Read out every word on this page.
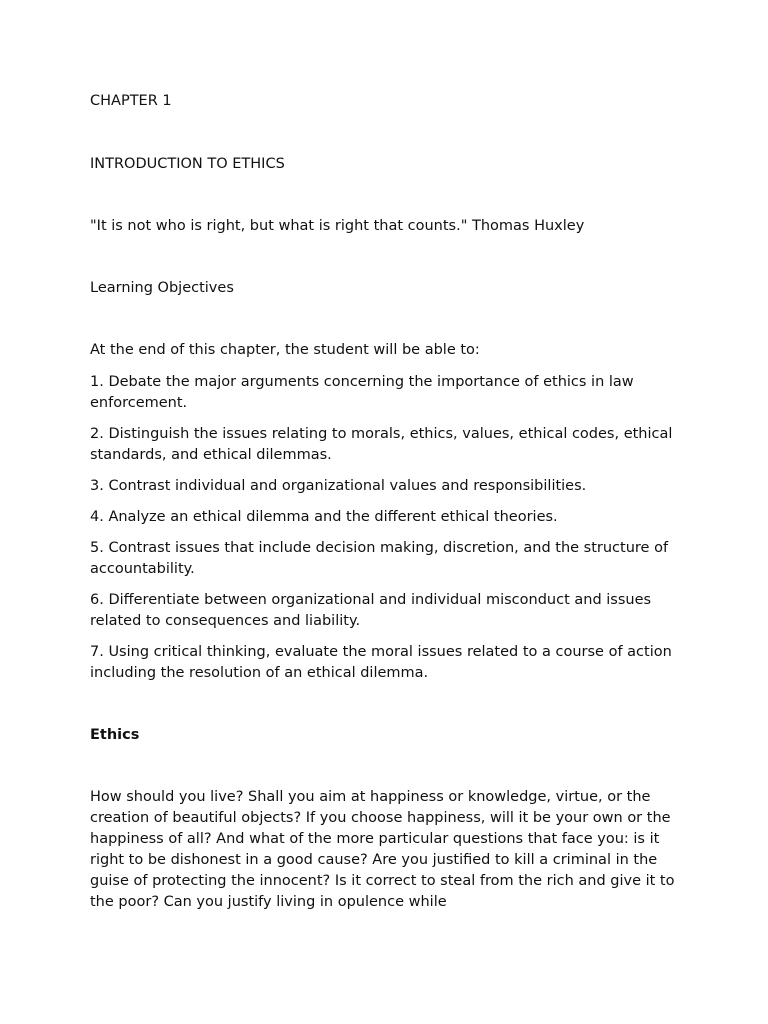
CHAPTER 1

INTRODUCTION TO ETHICS

"It is not who is right, but what is right that counts." Thomas Huxley

Learning Objectives

At the end of this chapter, the student will be able to:

1. Debate the major arguments concerning the importance of ethics in law enforcement.

2. Distinguish the issues relating to morals, ethics, values, ethical codes, ethical standards, and ethical dilemmas.

3. Contrast individual and organizational values and responsibilities.

4. Analyze an ethical dilemma and the different ethical theories.

5. Contrast issues that include decision making, discretion, and the structure of accountability.

6. Differentiate between organizational and individual misconduct and issues related to consequences and liability.

7. Using critical thinking, evaluate the moral issues related to a course of action including the resolution of an ethical dilemma.

Ethics

How should you live? Shall you aim at happiness or knowledge, virtue, or the creation of beautiful objects? If you choose happiness, will it be your own or the happiness of all? And what of the more particular questions that face you: is it right to be dishonest in a good cause? Are you justified to kill a criminal in the guise of protecting the innocent? Is it correct to steal from the rich and give it to the poor? Can you justify living in opulence while
